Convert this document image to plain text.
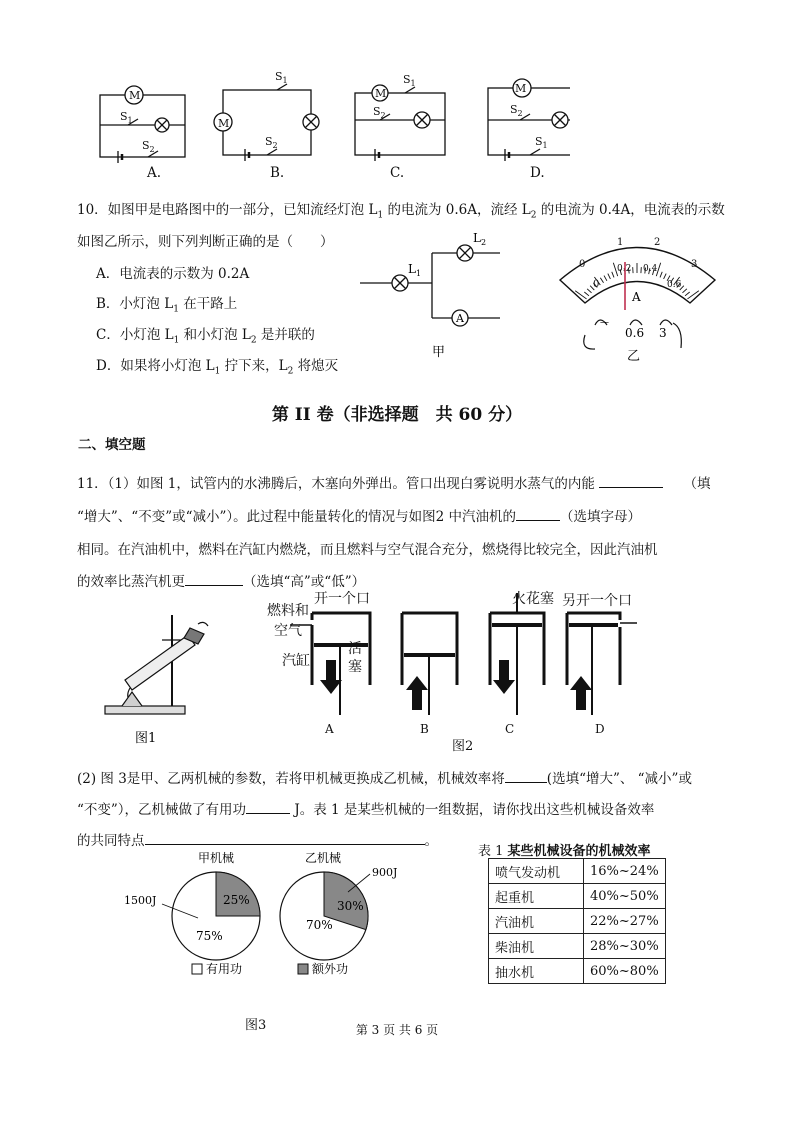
M
$S_1$
$S_2$
M
$S_1$
$S_2$
M
$S_1$
$S_2$
M
$S_2$
$S_1$
A.	B.	C.	D.
10．如图甲是电路图中的一部分，已知流经灯泡 $L_1$ 的电流为 0.6A，流经 $L_2$ 的电流为 0.4A，电流表的示数
如图乙所示，则下列判断正确的是（　　）
A．电流表的示数为 0.2A
B．小灯泡 $L_1$ 在干路上
C．小灯泡 $L_1$ 和小灯泡 $L_2$ 是并联的
D．如果将小灯泡 $L_1$ 拧下来，$L_2$ 将熄灭
$L_1$
$L_2$
A
甲
0
1	2
3
0
0.2 0.4
0.6
A
—
0.6 3
乙
第 II 卷（非选择题　共 60 分）
二、填空题
11．（1）如图 1，试管内的水沸腾后，木塞向外弹出。管口出现白雾说明水蒸气的内能	（填
“增大”、“不变”或“减小”）。此过程中能量转化的情况与如图2 中汽油机的	（选填字母）
相同。在汽油机中，燃料在汽缸内燃烧，而且燃料与空气混合充分，燃烧得比较完全，因此汽油机
的效率比蒸汽机更	（选填“高”或“低”）
图1
燃料和
空气
汽缸
活
塞
开一个口	火花塞 另开一个口
A	B	C	D
图2
(2) 图 3是甲、乙两机械的参数，若将甲机械更换成乙机械，机械效率将	(选填“增大”、 “减小”或
“不变”），乙机械做了有用功	J。表 1 是某些机械的一组数据，请你找出这些机械设备效率
的共同特点	。
甲机械	乙机械
25%
75%
1500J	30%
70%
900J
有用功	额外功
图3
表 1 某些机械设备的机械效率
喷气发动机	16%~24%
起重机	40%~50%
汽油机	22%~27%
柴油机	28%~30%
抽水机	60%~80%
第 3 页 共 6 页
